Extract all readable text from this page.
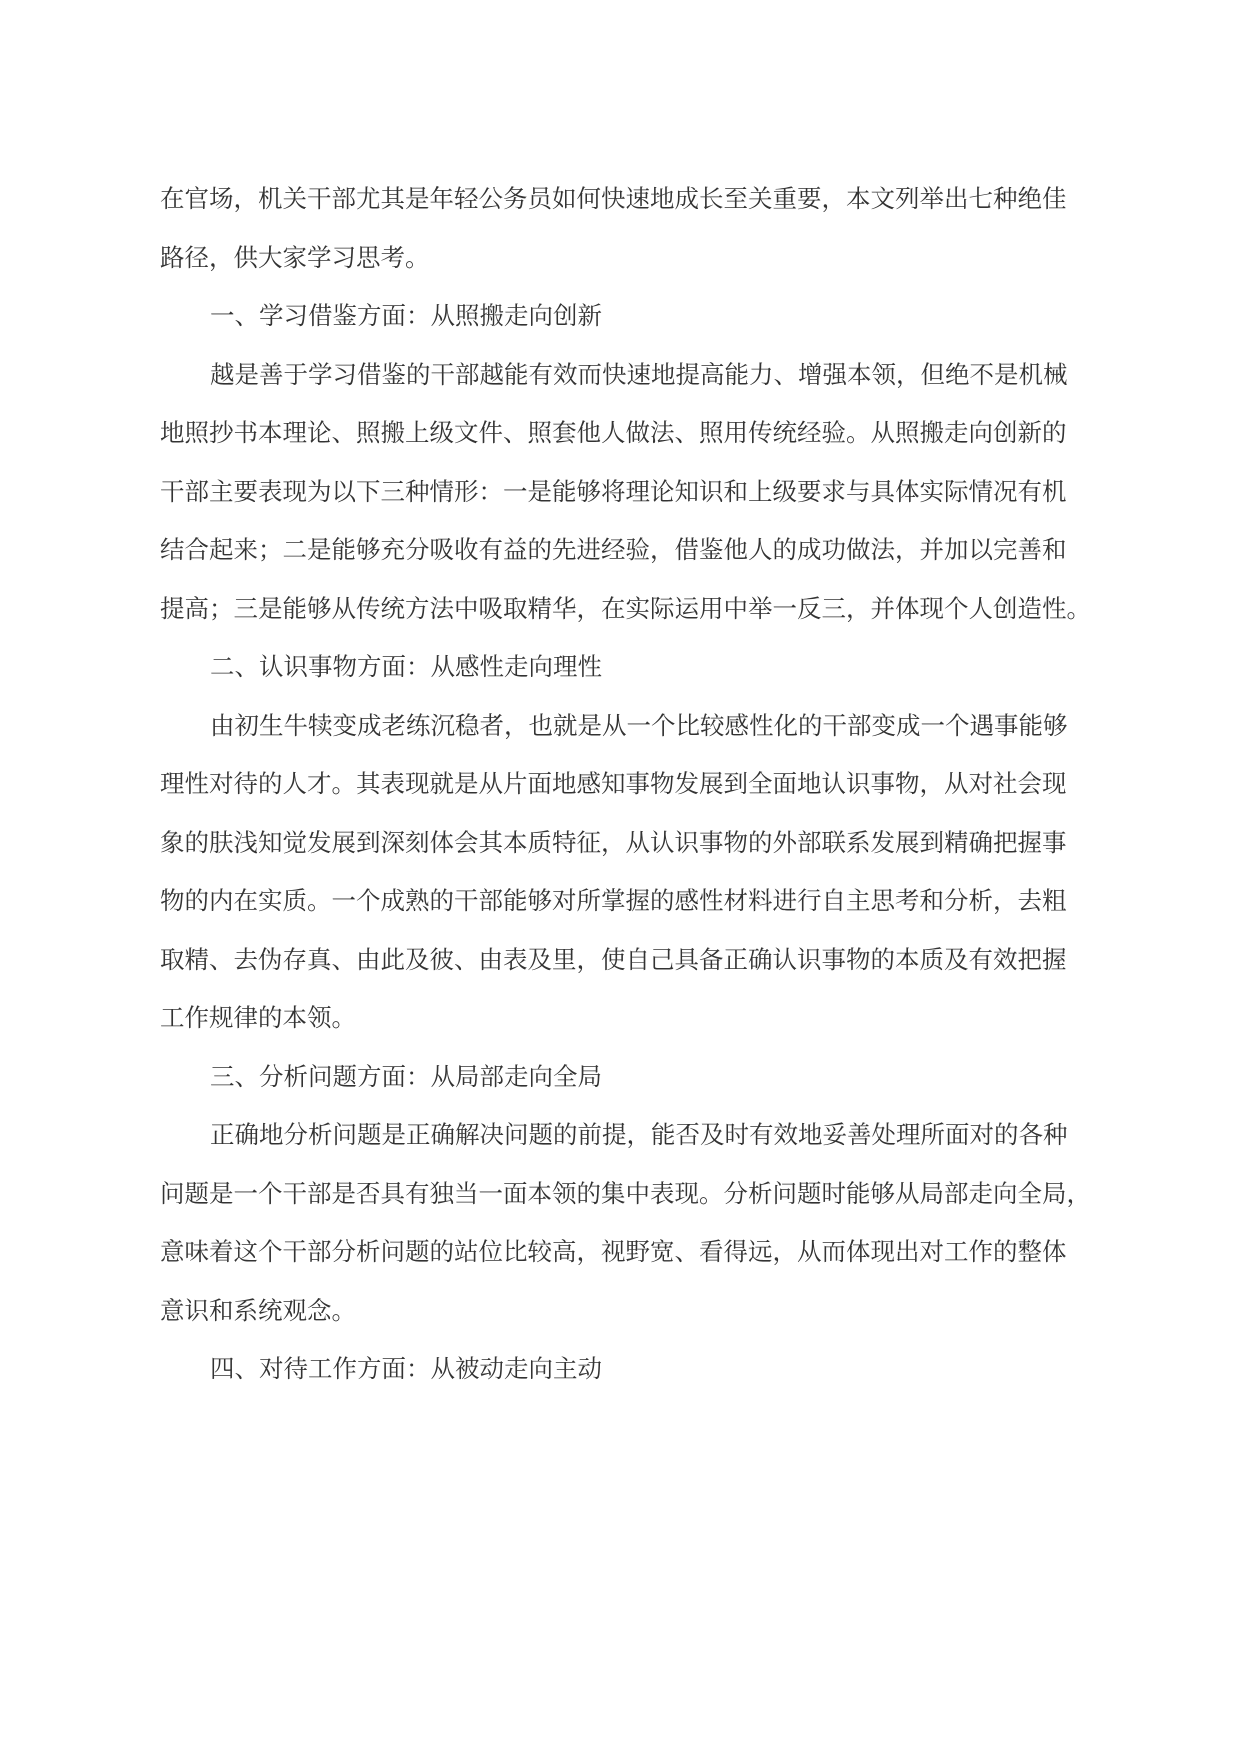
在官场，机关干部尤其是年轻公务员如何快速地成长至关重要，本文列举出七种绝佳
路径，供大家学习思考。
一、学习借鉴方面：从照搬走向创新
越是善于学习借鉴的干部越能有效而快速地提高能力、增强本领，但绝不是机械
地照抄书本理论、照搬上级文件、照套他人做法、照用传统经验。从照搬走向创新的
干部主要表现为以下三种情形：一是能够将理论知识和上级要求与具体实际情况有机
结合起来；二是能够充分吸收有益的先进经验，借鉴他人的成功做法，并加以完善和
提高；三是能够从传统方法中吸取精华，在实际运用中举一反三，并体现个人创造性。
二、认识事物方面：从感性走向理性
由初生牛犊变成老练沉稳者，也就是从一个比较感性化的干部变成一个遇事能够
理性对待的人才。其表现就是从片面地感知事物发展到全面地认识事物，从对社会现
象的肤浅知觉发展到深刻体会其本质特征，从认识事物的外部联系发展到精确把握事
物的内在实质。一个成熟的干部能够对所掌握的感性材料进行自主思考和分析，去粗
取精、去伪存真、由此及彼、由表及里，使自己具备正确认识事物的本质及有效把握
工作规律的本领。
三、分析问题方面：从局部走向全局
正确地分析问题是正确解决问题的前提，能否及时有效地妥善处理所面对的各种
问题是一个干部是否具有独当一面本领的集中表现。分析问题时能够从局部走向全局，
意味着这个干部分析问题的站位比较高，视野宽、看得远，从而体现出对工作的整体
意识和系统观念。
四、对待工作方面：从被动走向主动
